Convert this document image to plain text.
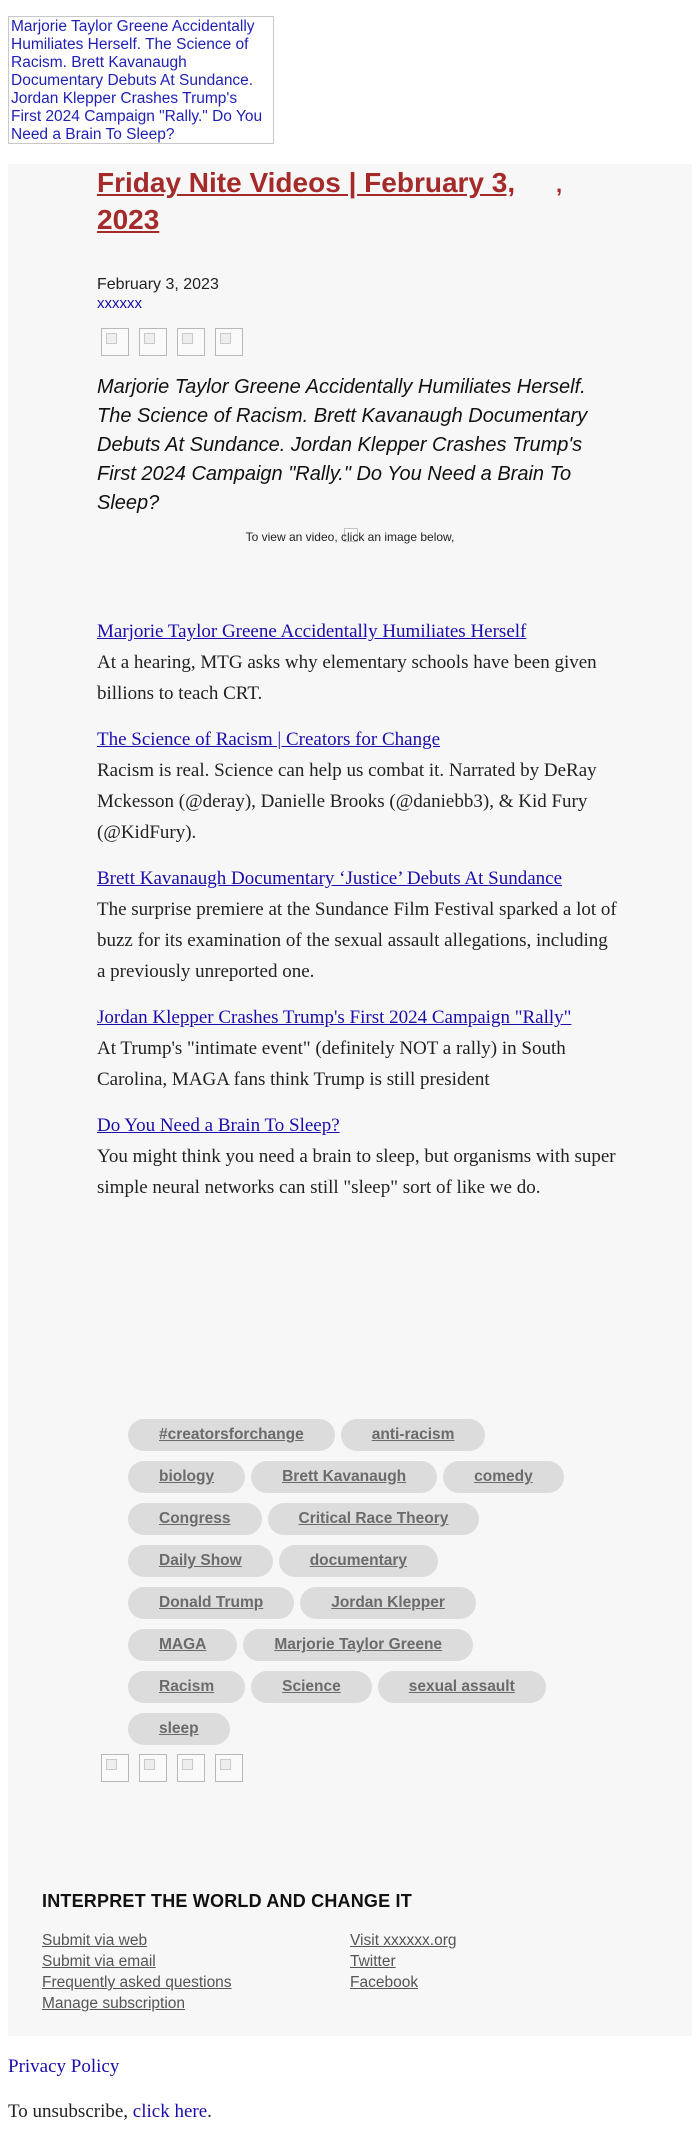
Marjorie Taylor Greene Accidentally Humiliates Herself. The Science of Racism. Brett Kavanaugh Documentary Debuts At Sundance. Jordan Klepper Crashes Trump's First 2024 Campaign "Rally." Do You Need a Brain To Sleep?
Friday Nite Videos | February 3, 2023
,
February 3, 2023
xxxxxx

Marjorie Taylor Greene Accidentally Humiliates Herself. The Science of Racism. Brett Kavanaugh Documentary Debuts At Sundance. Jordan Klepper Crashes Trump's First 2024 Campaign "Rally." Do You Need a Brain To Sleep?

To view an video, click an image below,
Marjorie Taylor Greene Accidentally Humiliates Herself

At a hearing, MTG asks why elementary schools have been given billions to teach CRT.

The Science of Racism | Creators for Change

Racism is real. Science can help us combat it. Narrated by DeRay Mckesson (@deray), Danielle Brooks (@daniebb3), & Kid Fury (@KidFury).

Brett Kavanaugh Documentary ‘Justice’ Debuts At Sundance

The surprise premiere at the Sundance Film Festival sparked a lot of buzz for its examination of the sexual assault allegations, including a previously unreported one.

Jordan Klepper Crashes Trump's First 2024 Campaign "Rally"

At Trump's "intimate event" (definitely NOT a rally) in South Carolina, MAGA fans think Trump is still president

Do You Need a Brain To Sleep?

You might think you need a brain to sleep, but organisms with super simple neural networks can still "sleep" sort of like we do.

#creatorsforchange	anti-racism
biology	Brett Kavanaugh	comedy
Congress	Critical Race Theory
Daily Show	documentary
Donald Trump	Jordan Klepper
MAGA	Marjorie Taylor Greene
Racism	Science	sexual assault
sleep
INTERPRET THE WORLD AND CHANGE IT
Submit via web
Submit via email
Frequently asked questions
Manage subscription
Visit xxxxxx.org
Twitter
Facebook
Privacy Policy
To unsubscribe, click here.
